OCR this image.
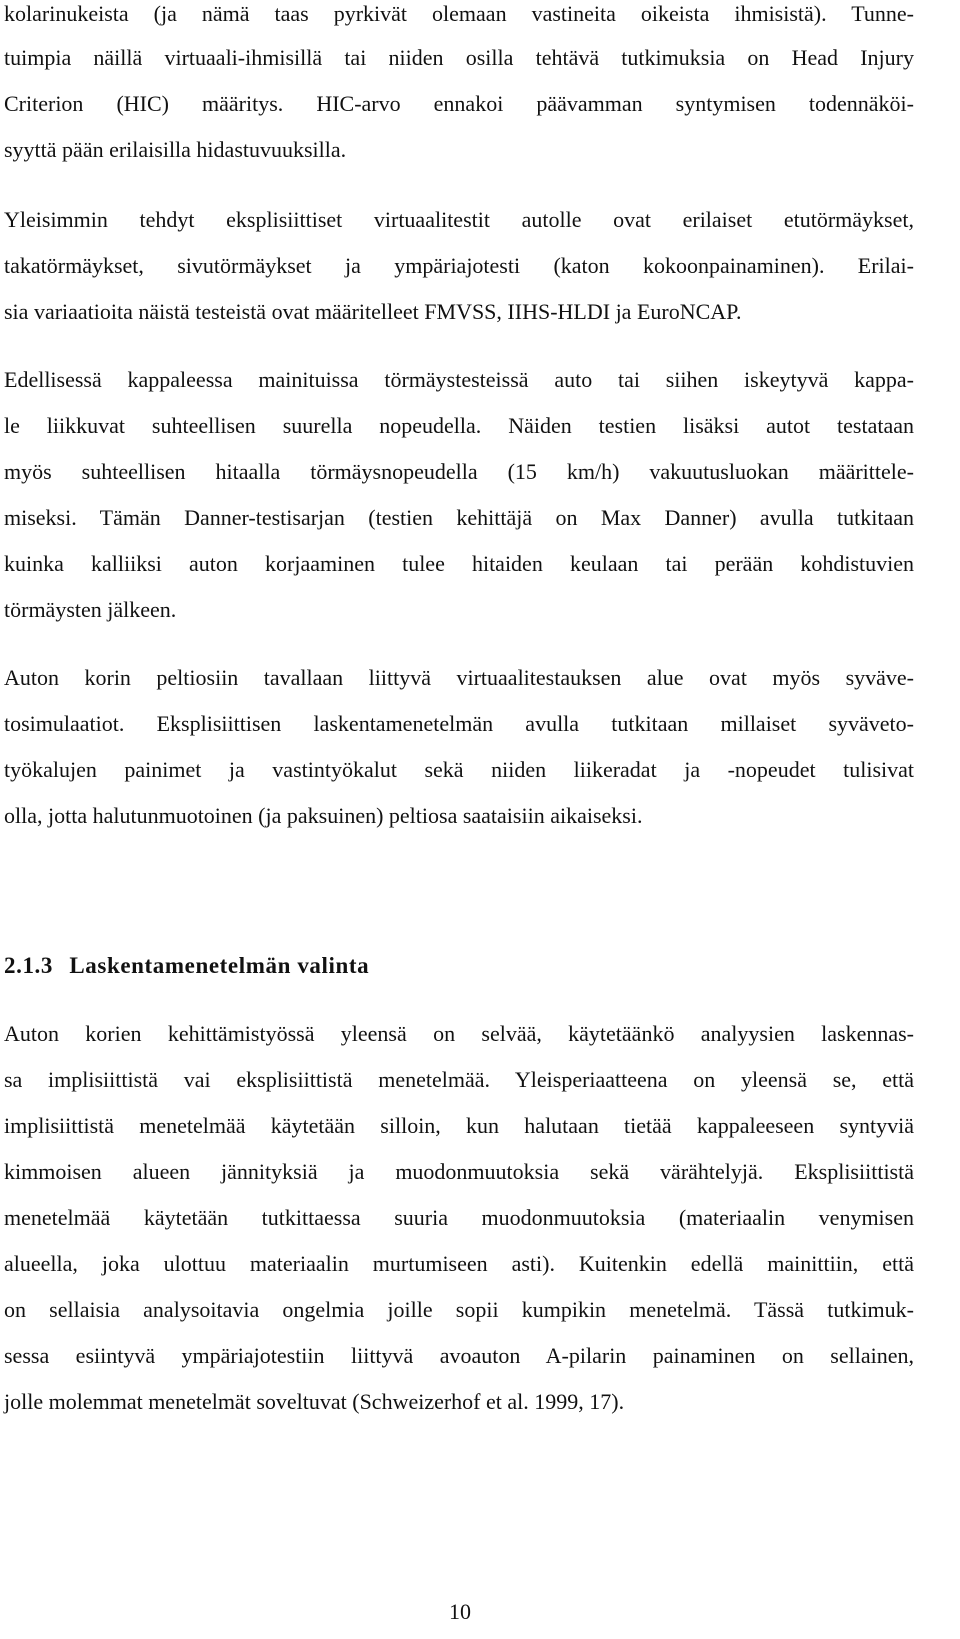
kolarinukeista (ja nämä taas pyrkivät olemaan vastineita oikeista ihmisistä). Tunne-
tuimpia näillä virtuaali-ihmisillä tai niiden osilla tehtävä tutkimuksia on Head Injury
Criterion (HIC) määritys. HIC-arvo ennakoi päävamman syntymisen todennäköi-
syyttä pään erilaisilla hidastuvuuksilla.
Yleisimmin tehdyt eksplisiittiset virtuaalitestit autolle ovat erilaiset etutörmäykset,
takatörmäykset, sivutörmäykset ja ympäriajotesti (katon kokoonpainaminen). Erilai-
sia variaatioita näistä testeistä ovat määritelleet FMVSS, IIHS-HLDI ja EuroNCAP.
Edellisessä kappaleessa mainituissa törmäystesteissä auto tai siihen iskeytyvä kappa-
le liikkuvat suhteellisen suurella nopeudella. Näiden testien lisäksi autot testataan
myös suhteellisen hitaalla törmäysnopeudella (15 km/h) vakuutusluokan määrittele-
miseksi. Tämän Danner-testisarjan (testien kehittäjä on Max Danner) avulla tutkitaan
kuinka kalliiksi auton korjaaminen tulee hitaiden keulaan tai perään kohdistuvien
törmäysten jälkeen.
Auton korin peltiosiin tavallaan liittyvä virtuaalitestauksen alue ovat myös syväve-
tosimulaatiot. Eksplisiittisen laskentamenetelmän avulla tutkitaan millaiset syväveto-
työkalujen painimet ja vastintyökalut sekä niiden liikeradat ja -nopeudet tulisivat
olla, jotta halutunmuotoinen (ja paksuinen) peltiosa saataisiin aikaiseksi.
2.1.3 Laskentamenetelmän valinta
Auton korien kehittämistyössä yleensä on selvää, käytetäänkö analyysien laskennas-
sa implisiittistä vai eksplisiittistä menetelmää. Yleisperiaatteena on yleensä se, että
implisiittistä menetelmää käytetään silloin, kun halutaan tietää kappaleeseen syntyviä
kimmoisen alueen jännityksiä ja muodonmuutoksia sekä värähtelyjä. Eksplisiittistä
menetelmää käytetään tutkittaessa suuria muodonmuutoksia (materiaalin venymisen
alueella, joka ulottuu materiaalin murtumiseen asti). Kuitenkin edellä mainittiin, että
on sellaisia analysoitavia ongelmia joille sopii kumpikin menetelmä. Tässä tutkimuk-
sessa esiintyvä ympäriajotestiin liittyvä avoauton A-pilarin painaminen on sellainen,
jolle molemmat menetelmät soveltuvat (Schweizerhof et al. 1999, 17).
10
